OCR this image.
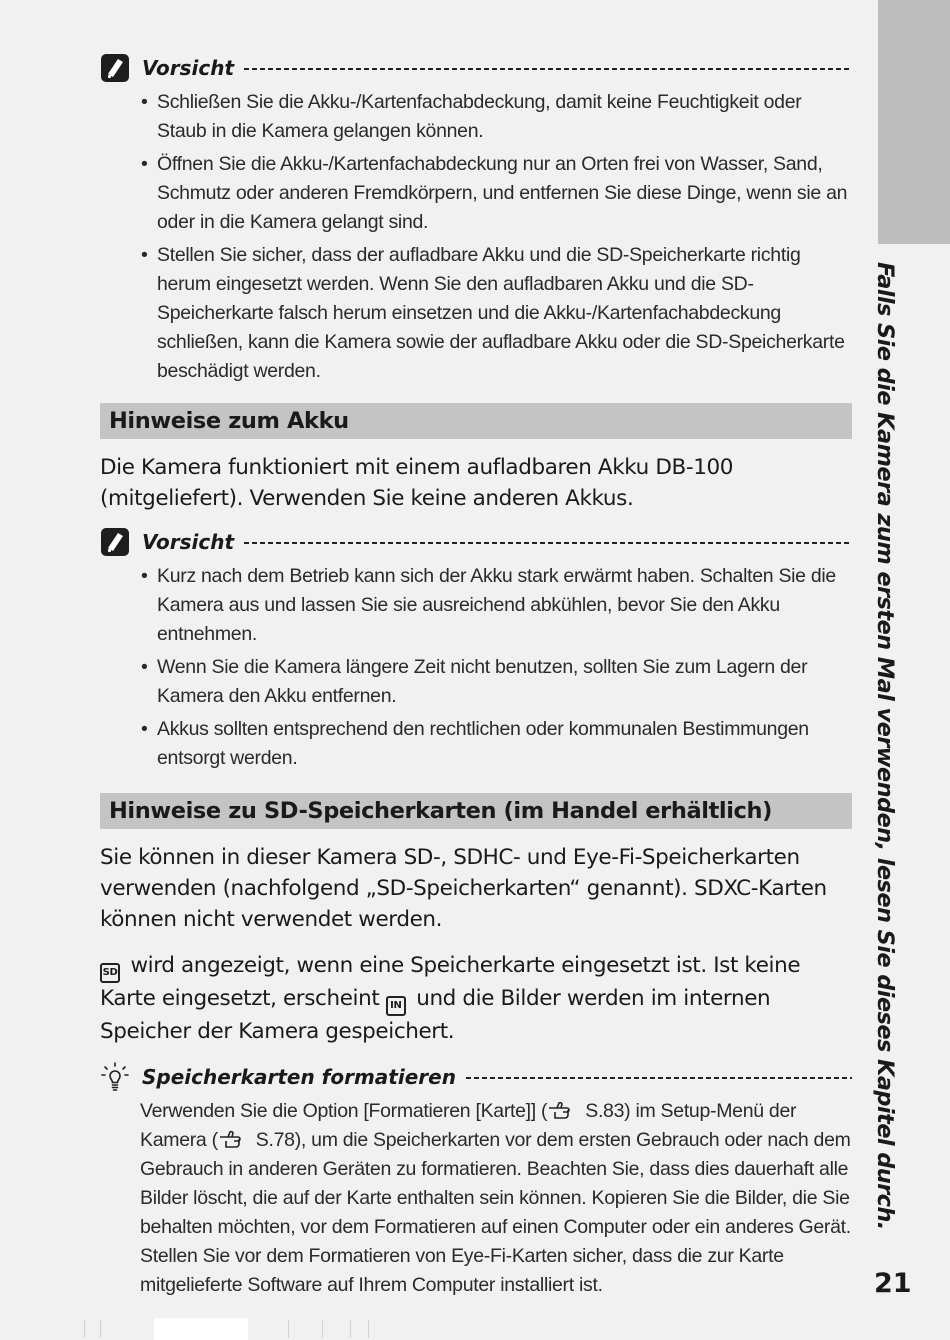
Falls Sie die Kamera zum ersten Mal verwenden, lesen Sie dieses Kapitel durch.
21
Vorsicht
• Schließen Sie die Akku-/Kartenfachabdeckung, damit keine Feuchtigkeit oder Staub in die Kamera gelangen können.
• Öffnen Sie die Akku-/Kartenfachabdeckung nur an Orten frei von Wasser, Sand, Schmutz oder anderen Fremdkörpern, und entfernen Sie diese Dinge, wenn sie an oder in die Kamera gelangt sind.
• Stellen Sie sicher, dass der aufladbare Akku und die SD-Speicherkarte richtig herum eingesetzt werden. Wenn Sie den aufladbaren Akku und die SD-Speicherkarte falsch herum einsetzen und die Akku-/Kartenfachabdeckung schließen, kann die Kamera sowie der aufladbare Akku oder die SD-Speicherkarte beschädigt werden.
Hinweise zum Akku

Die Kamera funktioniert mit einem aufladbaren Akku DB-100 (mitgeliefert). Verwenden Sie keine anderen Akkus.

Vorsicht
• Kurz nach dem Betrieb kann sich der Akku stark erwärmt haben. Schalten Sie die Kamera aus und lassen Sie sie ausreichend abkühlen, bevor Sie den Akku entnehmen.
• Wenn Sie die Kamera längere Zeit nicht benutzen, sollten Sie zum Lagern der Kamera den Akku entfernen.
• Akkus sollten entsprechend den rechtlichen oder kommunalen Bestimmungen entsorgt werden.
Hinweise zu SD-Speicherkarten (im Handel erhältlich)

Sie können in dieser Kamera SD-, SDHC- und Eye-Fi-Speicherkarten verwenden (nachfolgend „SD-Speicherkarten“ genannt). SDXC-Karten können nicht verwendet werden.

SD wird angezeigt, wenn eine Speicherkarte eingesetzt ist. Ist keine Karte eingesetzt, erscheint IN und die Bilder werden im internen Speicher der Kamera gespeichert.

Speicherkarten formatieren
Verwenden Sie die Option [Formatieren [Karte]] ( S.83) im Setup-Menü der Kamera ( S.78), um die Speicherkarten vor dem ersten Gebrauch oder nach dem Gebrauch in anderen Geräten zu formatieren. Beachten Sie, dass dies dauerhaft alle Bilder löscht, die auf der Karte enthalten sein können. Kopieren Sie die Bilder, die Sie behalten möchten, vor dem Formatieren auf einen Computer oder ein anderes Gerät. Stellen Sie vor dem Formatieren von Eye-Fi-Karten sicher, dass die zur Karte mitgelieferte Software auf Ihrem Computer installiert ist.
